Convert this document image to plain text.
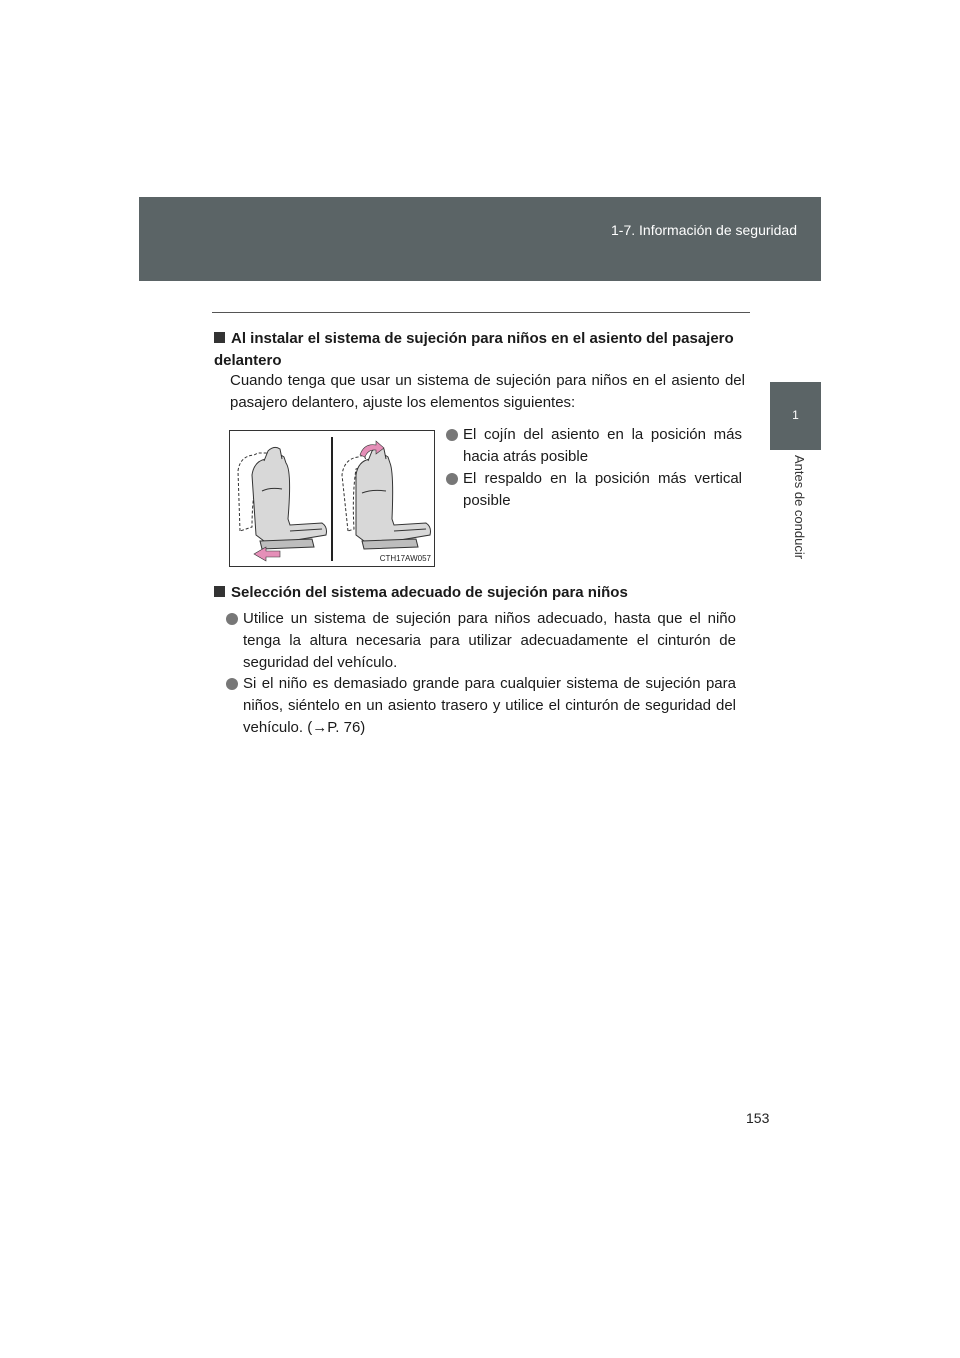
1-7. Información de seguridad
1
Antes de conducir
Al instalar el sistema de sujeción para niños en el asiento del pasajero delantero
Cuando tenga que usar un sistema de sujeción para niños en el asiento del pasajero delantero, ajuste los elementos siguientes:
CTH17AW057
El cojín del asiento en la posición más hacia atrás posible
El respaldo en la posición más vertical posible
Selección del sistema adecuado de sujeción para niños
Utilice un sistema de sujeción para niños adecuado, hasta que el niño tenga la altura necesaria para utilizar adecuadamente el cinturón de seguridad del vehículo.
Si el niño es demasiado grande para cualquier sistema de sujeción para niños, siéntelo en un asiento trasero y utilice el cinturón de seguridad del vehículo. (→P. 76)
153
